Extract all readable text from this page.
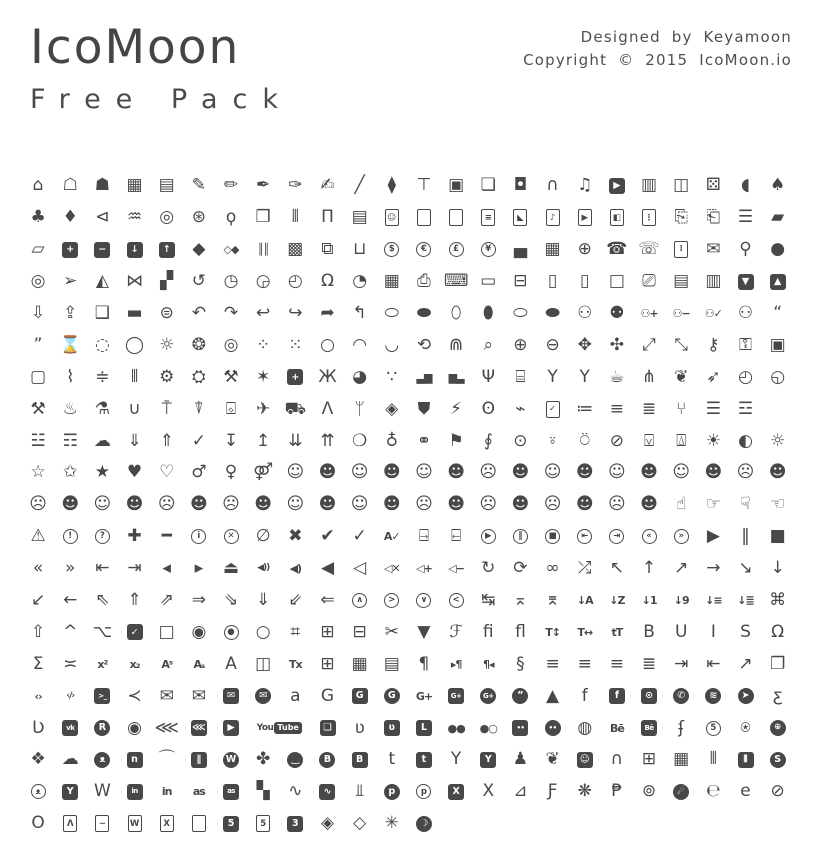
IcoMoon
Free Pack
Designed by Keyamoon
Copyright © 2015 IcoMoon.io
⌂ ☖ ☗ ▦ ▤ ✎ ✏ ✒ ✑ ✍ ╱ ⧫ ⊤ ▣ ❏ ◘ ∩ ♫ ▶ ▥ ◫ ⚄ ◖ ♠
♣ ♦ ⊲ ♒ ◎ ⊛ ϙ ❒ ⫴ Π ▤ ☺	≡	◣	♪	▶	◧	⋮ ⎘ ⎗ ☰ ▰
▱ +	−	↓	↑ ◆ ◇◆ ║║ ▩ ⧉ ⊔	$	€	£	¥ ▄ ▦ ⊕ ☎ ☏ ⁞ ✉ ⚲ ●
◎ ➢ ◭ ⋈ ▞ ↺ ◷ ◶ ◴ Ω ◔ ▦ ⎙ ⌨ ▭ ⊟ ▯ ▯ □ ⎚ ▤ ▥ ▼	▲
⇩ ⇪ ❑ ▬ ⊜ ↶ ↷ ↩ ↪ ➦ ↰ ⬭ ⬬ ⬯ ⬮ ⬭ ⬬ ⚇ ⚉ ⚇+ ⚇− ⚇✓ ⚇ “
” ⌛ ◌ ◯ ☼ ❂ ◎ ⁘ ⁙ ○ ◠ ◡ ⟲ ⋒ ⌕ ⊕ ⊖ ✥ ✣ ⤢ ⤡ ⚷ ⚿ ▣
▢ ⌇ ≑ ⫴ ⚙ ⛭ ⚒ ✶ + Ж ◕ ∵ ▃▆ ▆▃ Ψ ⌸ Y Y ☕ ⋔ ❦ ➶ ◴ ◵
⚒ ♨ ⚗ ∪ ⍑ ⍒ ⌺ ✈ ⛟ Λ ᛘ ◈ ⛊ ⚡ ʘ ⌁	✓ ≔ ≡ ≣ ⑂ ☰ ☲
☳ ☶ ☁ ⇓ ⇑ ✓ ↧ ↥ ⇊ ⇈ ❍ ♁ ⚭ ⚑ ∮ ⊙ ⍤ ⍥ ⊘ ⍌ ⍍ ☀ ◐ ☼
☆ ✩ ★ ♥ ♡ ♂ ♀ ⚤ ☺ ☻ ☺ ☻ ☺ ☻ ☹ ☻ ☺ ☻ ☺ ☻ ☺ ☻ ☹ ☻
☹ ☻ ☺ ☻ ☹ ☻ ☹ ☻ ☺ ☻ ☺ ☻ ☹ ☻ ☹ ☻ ☹ ☻ ☹ ☻ ☝ ☞ ☟ ☜
⚠	!	? ✚ ━	i	✕ ∅ ✖ ✔ ✓ A✓ ⍈ ⍇	▶	‖	■	⇤	⇥	«	» ▶ ‖ ■
« » ⇤ ⇥ ◂ ▸ ⏏ ◀)) ◀) ◀ ◁ ◁✕ ◁+ ◁− ↻ ⟳ ∞ ⤮ ↖ ↑ ↗ → ↘ ↓
↙ ← ⇖ ⇑ ⇗ ⇒ ⇘ ⇓ ⇙ ⇐	∧	>	∨	< ↹ ⌅ ⌆ ↓A ↓Z ↓1 ↓9 ↓≡ ↓≣ ⌘
⇧ ^ ⌥ ✓ □ ◉ ● ○ ⌗ ⊞ ⊟ ✂ ▼ ℱ ﬁ ﬂ T↕ T↔ tT B U I S Ω
Σ ≍ x² x₂ Aˢ Aₛ A ◫ Tx ⊞ ▦ ▤ ¶ ▸¶ ¶◂ § ≡ ≡ ≡ ≣ ⇥ ⇤ ↗ ❐
‹›	‹/›	>_ ≺ ✉ ✉ ✉	✉ a G G	G G+	G+	G+ ” ▲ f	f	⊙	✆	≋	➤ ƹ
Ʋ	vk	R ◉ ⋘ ⋘ ▶ You Tube	❑ ʋ	ʋ	L ●● ●○	••	•• ◍ Bē	Bē ʄ	5 ⍟	⍟
❖ ☁ ᴥ	n ⌒ ∥	W ✤ ‿	B	B t	t Y Y ♟ ❦ ☺ ∩ ⊞ ▦ ⫴	⫴	S
ᴥ	Y W	in in as	as ▚ ∿ ∿ ⫫	p	p	X X ⊿ Ƒ ❋ ₱ ⊚ ☄ ℮ e ⊘
O	Λ	∼	W	X	5	5	3 ◈ ◇ ✳ ☽
